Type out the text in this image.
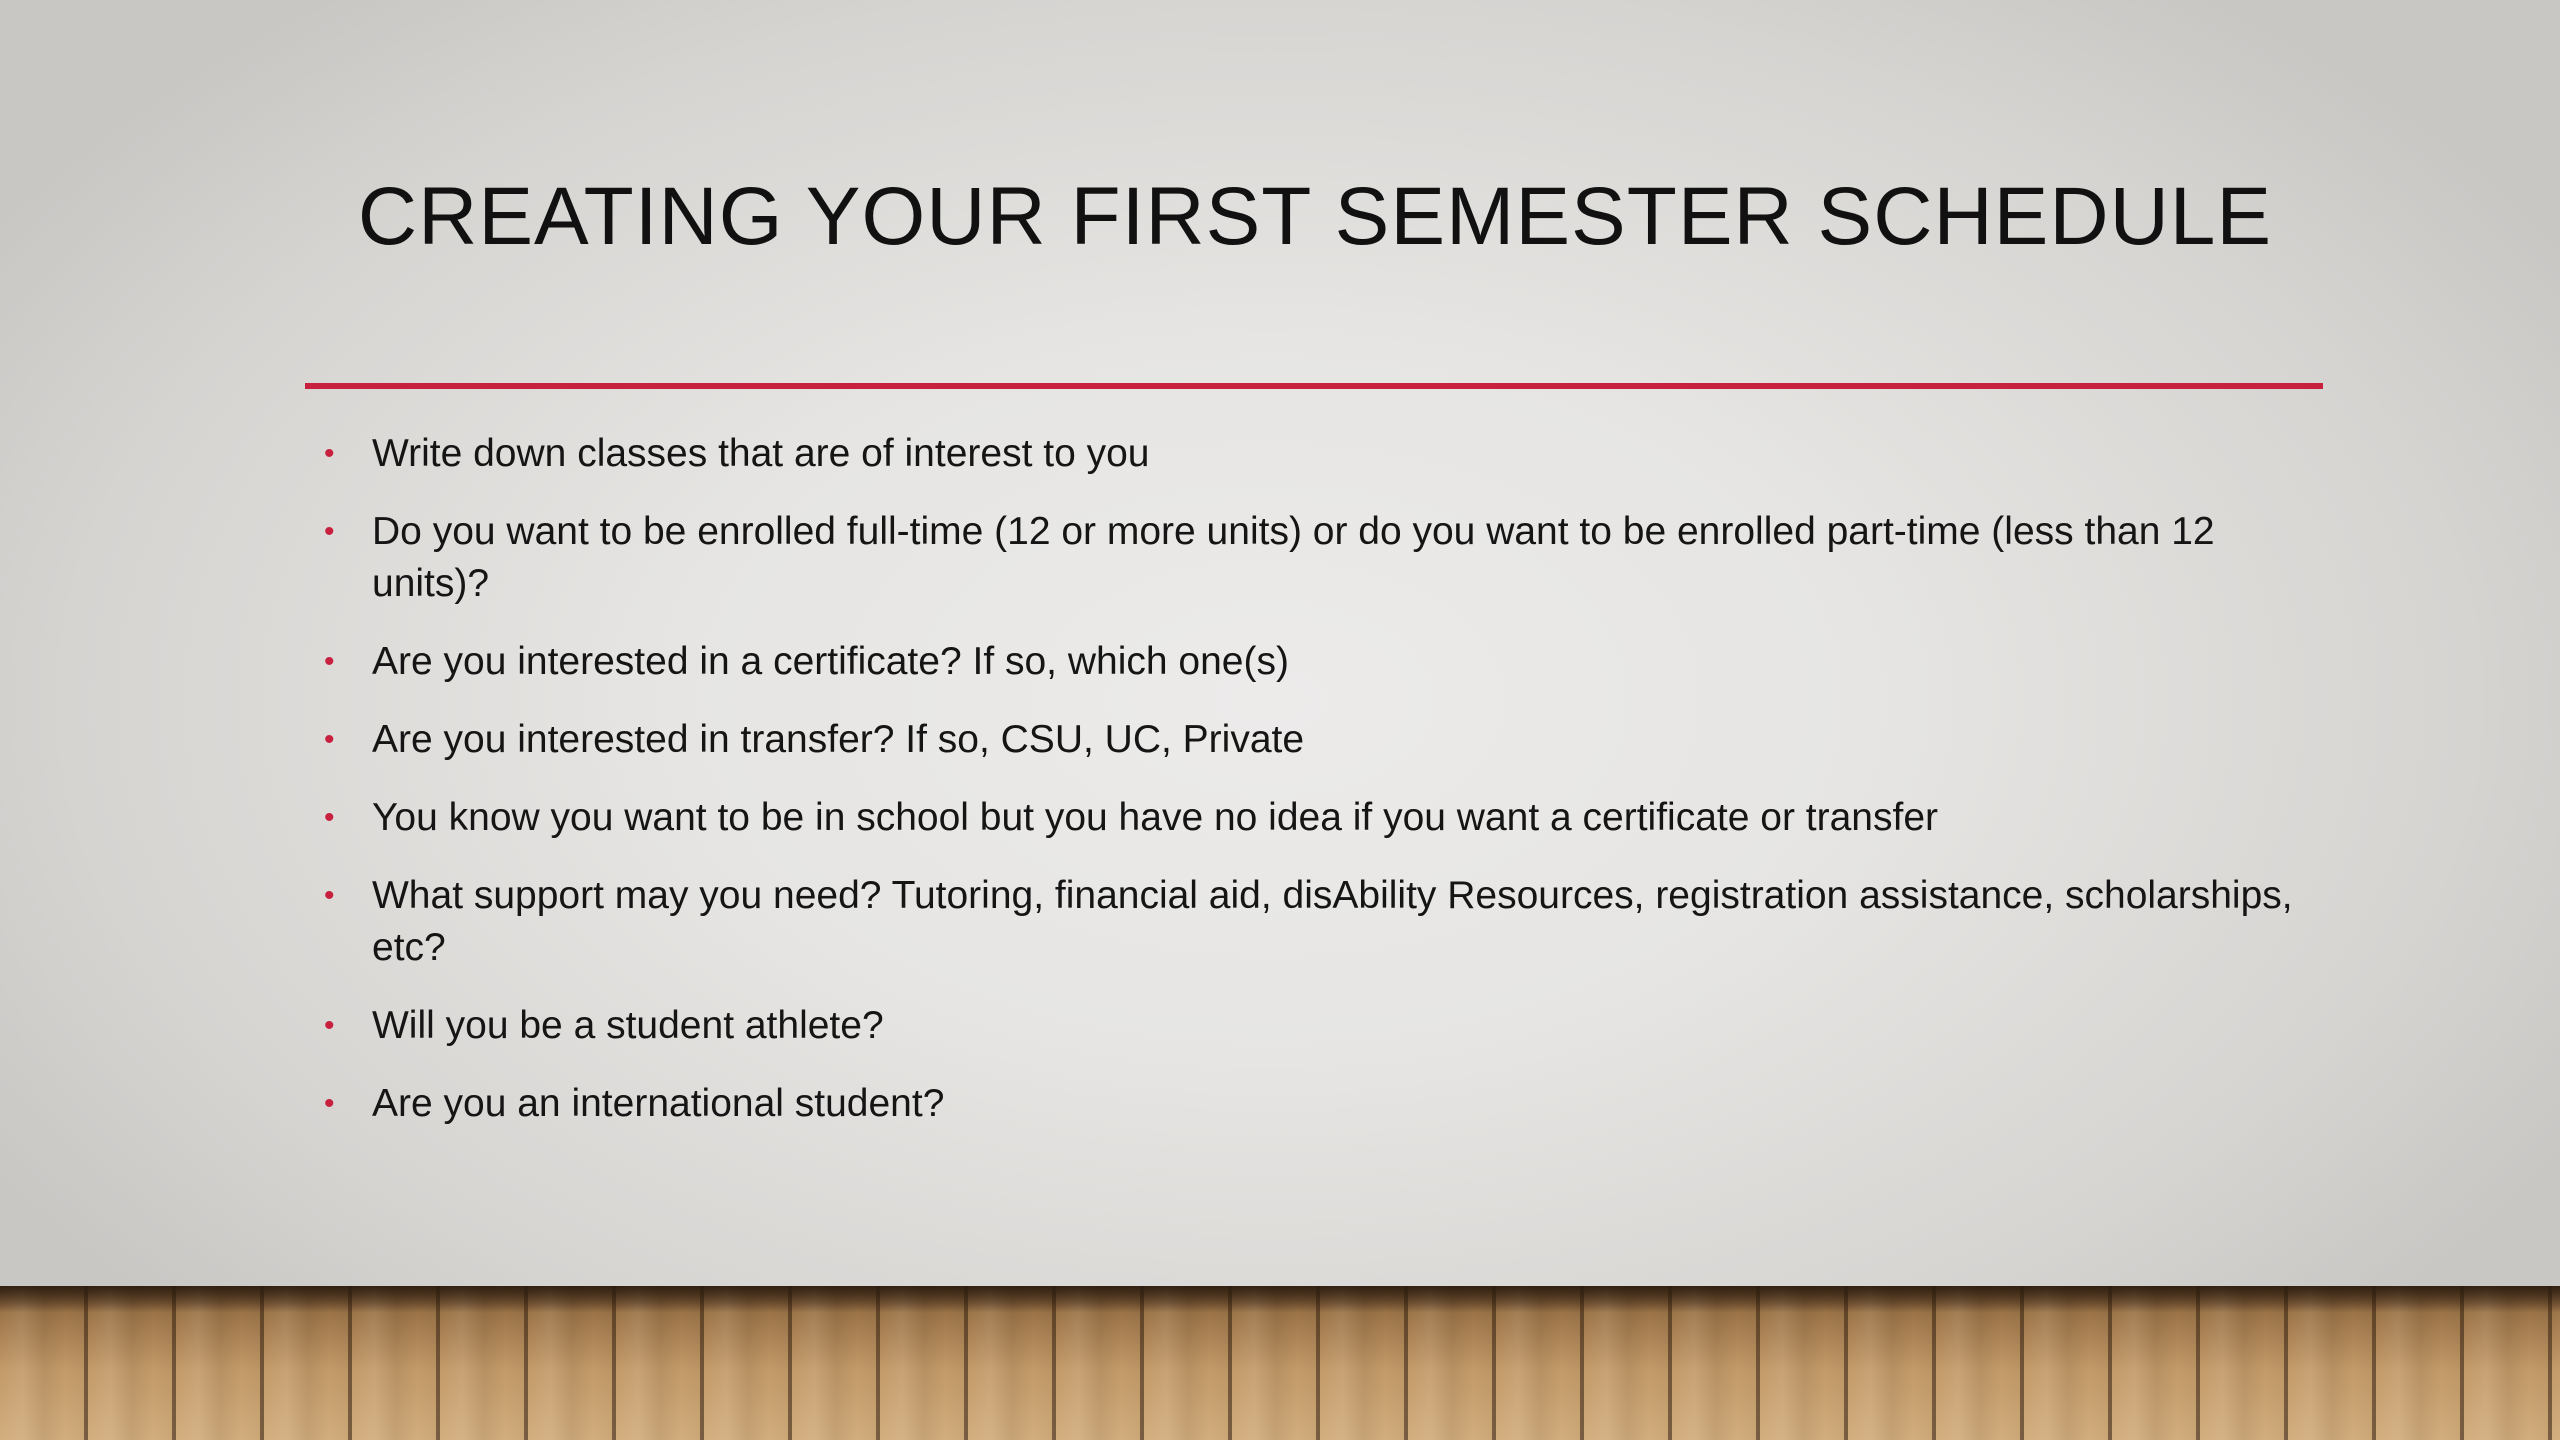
CREATING YOUR FIRST SEMESTER SCHEDULE
• Write down classes that are of interest to you
• Do you want to be enrolled full-time (12 or more units) or do you want to be enrolled part-time (less than 12 units)?
• Are you interested in a certificate? If so, which one(s)
• Are you interested in transfer? If so, CSU, UC, Private
• You know you want to be in school but you have no idea if you want a certificate or transfer
• What support may you need? Tutoring, financial aid, disAbility Resources, registration assistance, scholarships, etc?
• Will you be a student athlete?
• Are you an international student?
